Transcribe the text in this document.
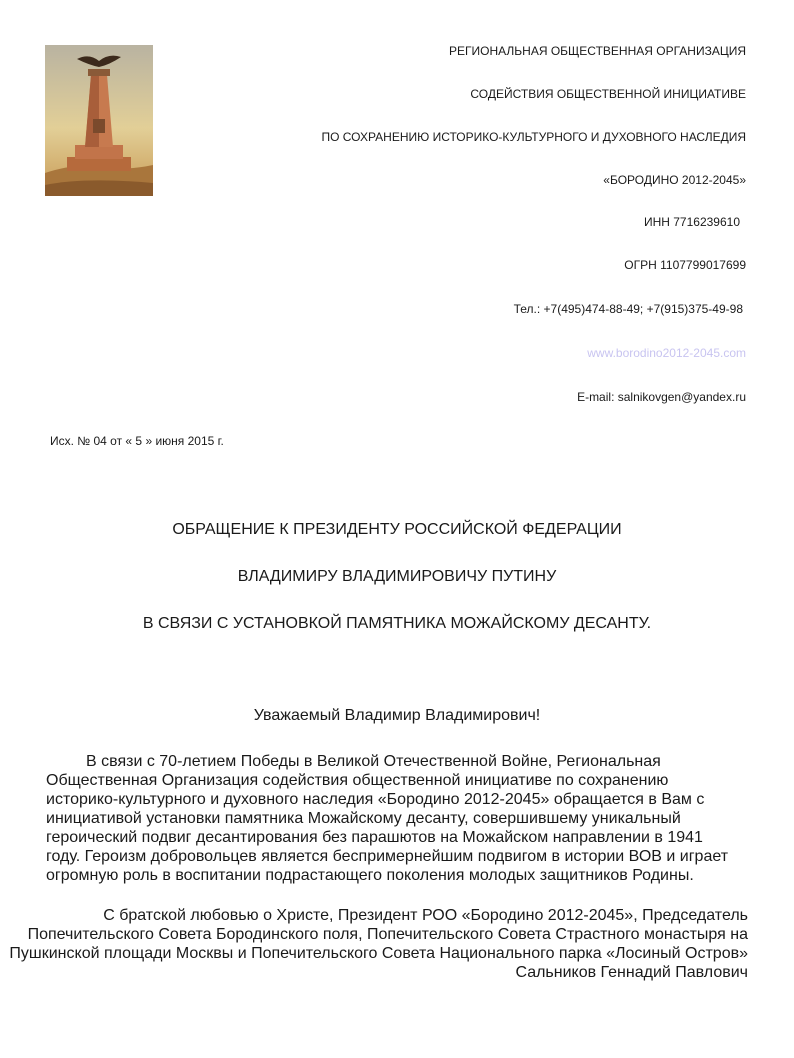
РЕГИОНАЛЬНАЯ ОБЩЕСТВЕННАЯ ОРГАНИЗАЦИЯ
СОДЕЙСТВИЯ ОБЩЕСТВЕННОЙ ИНИЦИАТИВЕ
ПО СОХРАНЕНИЮ ИСТОРИКО-КУЛЬТУРНОГО И ДУХОВНОГО НАСЛЕДИЯ
«БОРОДИНО 2012-2045»
ИНН 7716239610
ОГРН 1107799017699
Тел.: +7(495)474-88-49; +7(915)375-49-98
www.borodino2012-2045.com
E-mail: salnikovgen@yandex.ru
Исх. № 04 от « 5 » июня 2015 г.
ОБРАЩЕНИЕ К ПРЕЗИДЕНТУ РОССИЙСКОЙ ФЕДЕРАЦИИ
ВЛАДИМИРУ ВЛАДИМИРОВИЧУ ПУТИНУ
В СВЯЗИ С УСТАНОВКОЙ ПАМЯТНИКА МОЖАЙСКОМУ ДЕСАНТУ.
Уважаемый Владимир Владимирович!

В связи с 70-летием Победы в Великой Отечественной Войне, Региональная Общественная Организация содействия общественной инициативе по сохранению историко-культурного и духовного наследия «Бородино 2012-2045» обращается в Вам с инициативой установки памятника Можайскому десанту, совершившему уникальный героический подвиг десантирования без парашютов на Можайском направлении в 1941 году. Героизм добровольцев является беспримернейшим подвигом в истории ВОВ и играет огромную роль в воспитании подрастающего поколения молодых защитников Родины.

С братской любовью о Христе, Президент РОО «Бородино 2012-2045», Председатель Попечительского Совета Бородинского поля, Попечительского Совета Страстного монастыря на Пушкинской площади Москвы и Попечительского Совета Национального парка «Лосиный Остров» Сальников Геннадий Павлович
